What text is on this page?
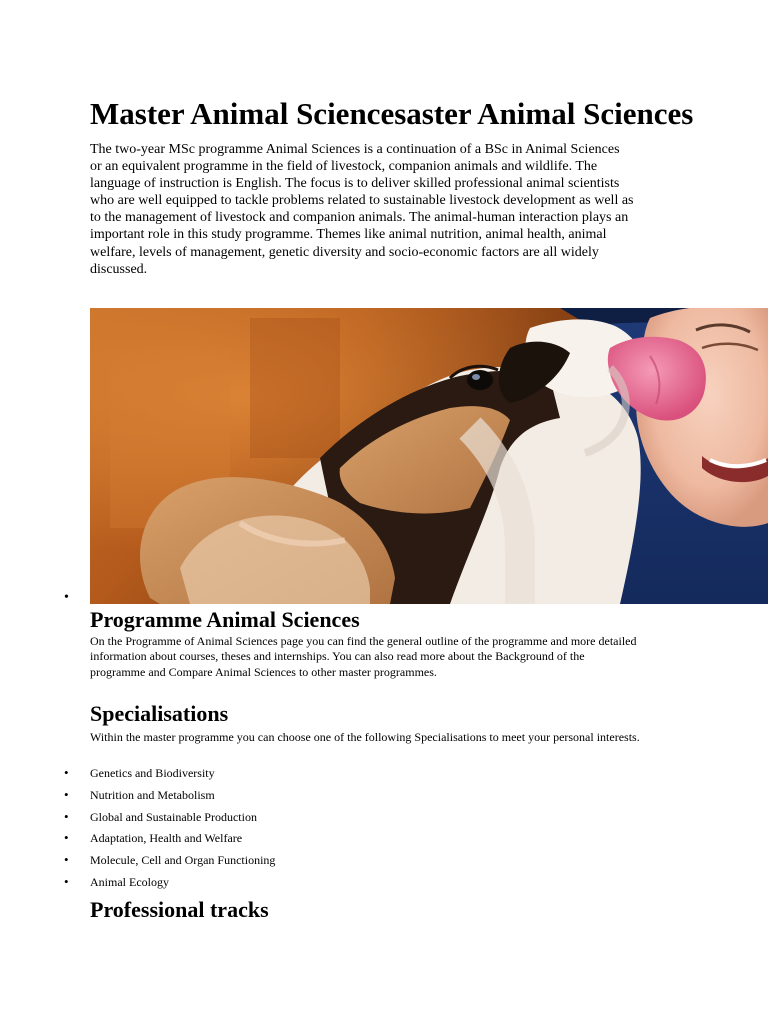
Master Animal Sciencesaster Animal Sciences

The two-year MSc programme Animal Sciences is a continuation of a BSc in Animal Sciences
or an equivalent programme in the field of livestock, companion animals and wildlife. The
language of instruction is English. The focus is to deliver skilled professional animal scientists
who are well equipped to tackle problems related to sustainable livestock development as well as
to the management of livestock and companion animals. The animal-human interaction plays an
important role in this study programme. Themes like animal nutrition, animal health, animal
welfare, levels of management, genetic diversity and socio-economic factors are all widely
discussed.

•
Programme Animal Sciences

On the Programme of Animal Sciences page you can find the general outline of the programme and more detailed
information about courses, theses and internships. You can also read more about the Background of the
programme and Compare Animal Sciences to other master programmes.

Specialisations

Within the master programme you can choose one of the following Specialisations to meet your personal interests.

• Genetics and Biodiversity
• Nutrition and Metabolism
• Global and Sustainable Production
• Adaptation, Health and Welfare
• Molecule, Cell and Organ Functioning
• Animal Ecology
Professional tracks
